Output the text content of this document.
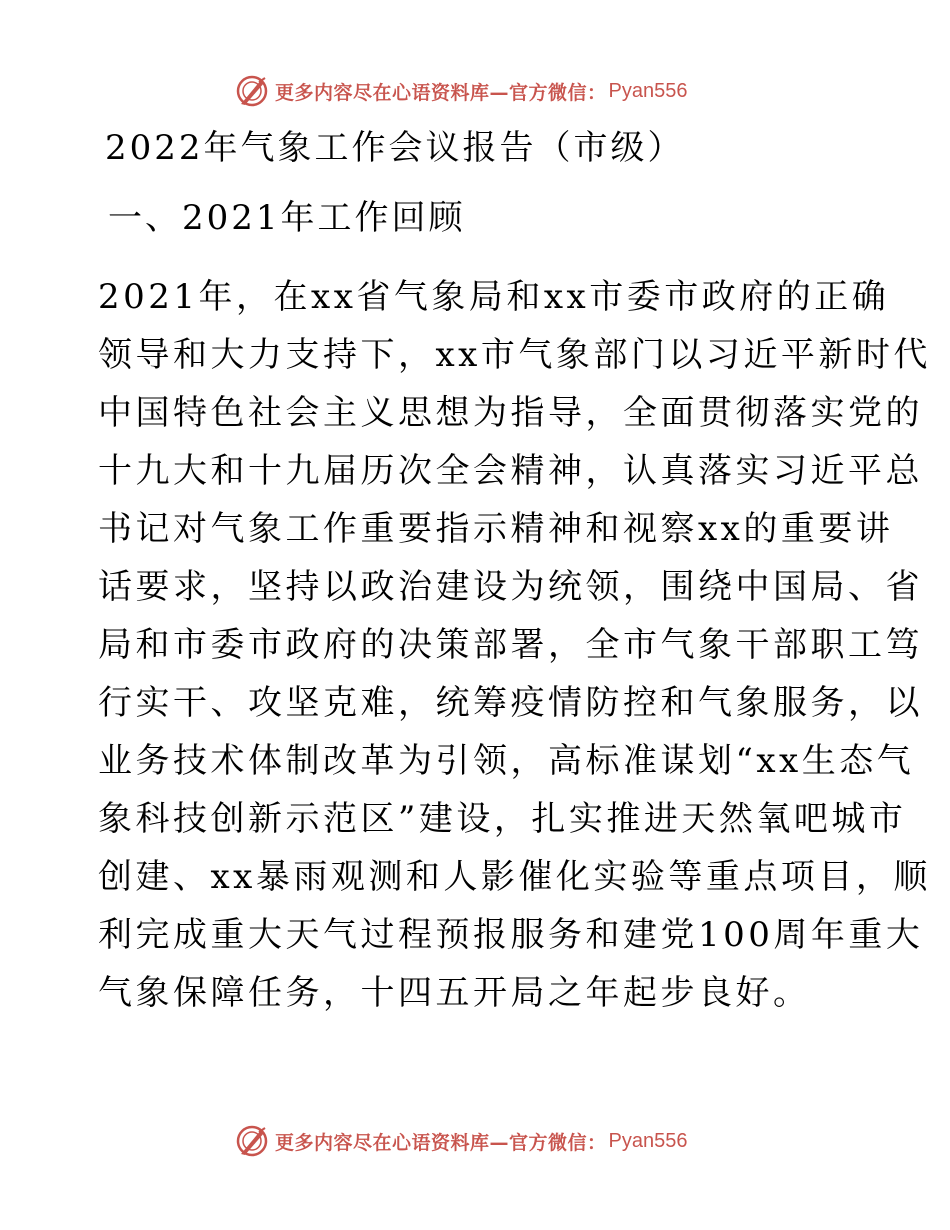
更多内容尽在心语资料库—官方微信： Pyan556
2022年气象工作会议报告（市级）
一、2021年工作回顾
2021年，在xx省气象局和xx市委市政府的正确
领导和大力支持下，xx市气象部门以习近平新时代
中国特色社会主义思想为指导，全面贯彻落实党的
十九大和十九届历次全会精神，认真落实习近平总
书记对气象工作重要指示精神和视察xx的重要讲
话要求，坚持以政治建设为统领，围绕中国局、省
局和市委市政府的决策部署，全市气象干部职工笃
行实干、攻坚克难，统筹疫情防控和气象服务，以
业务技术体制改革为引领，高标准谋划“xx生态气
象科技创新示范区”建设，扎实推进天然氧吧城市
创建、xx暴雨观测和人影催化实验等重点项目，顺
利完成重大天气过程预报服务和建党100周年重大
气象保障任务，十四五开局之年起步良好。
更多内容尽在心语资料库—官方微信： Pyan556
